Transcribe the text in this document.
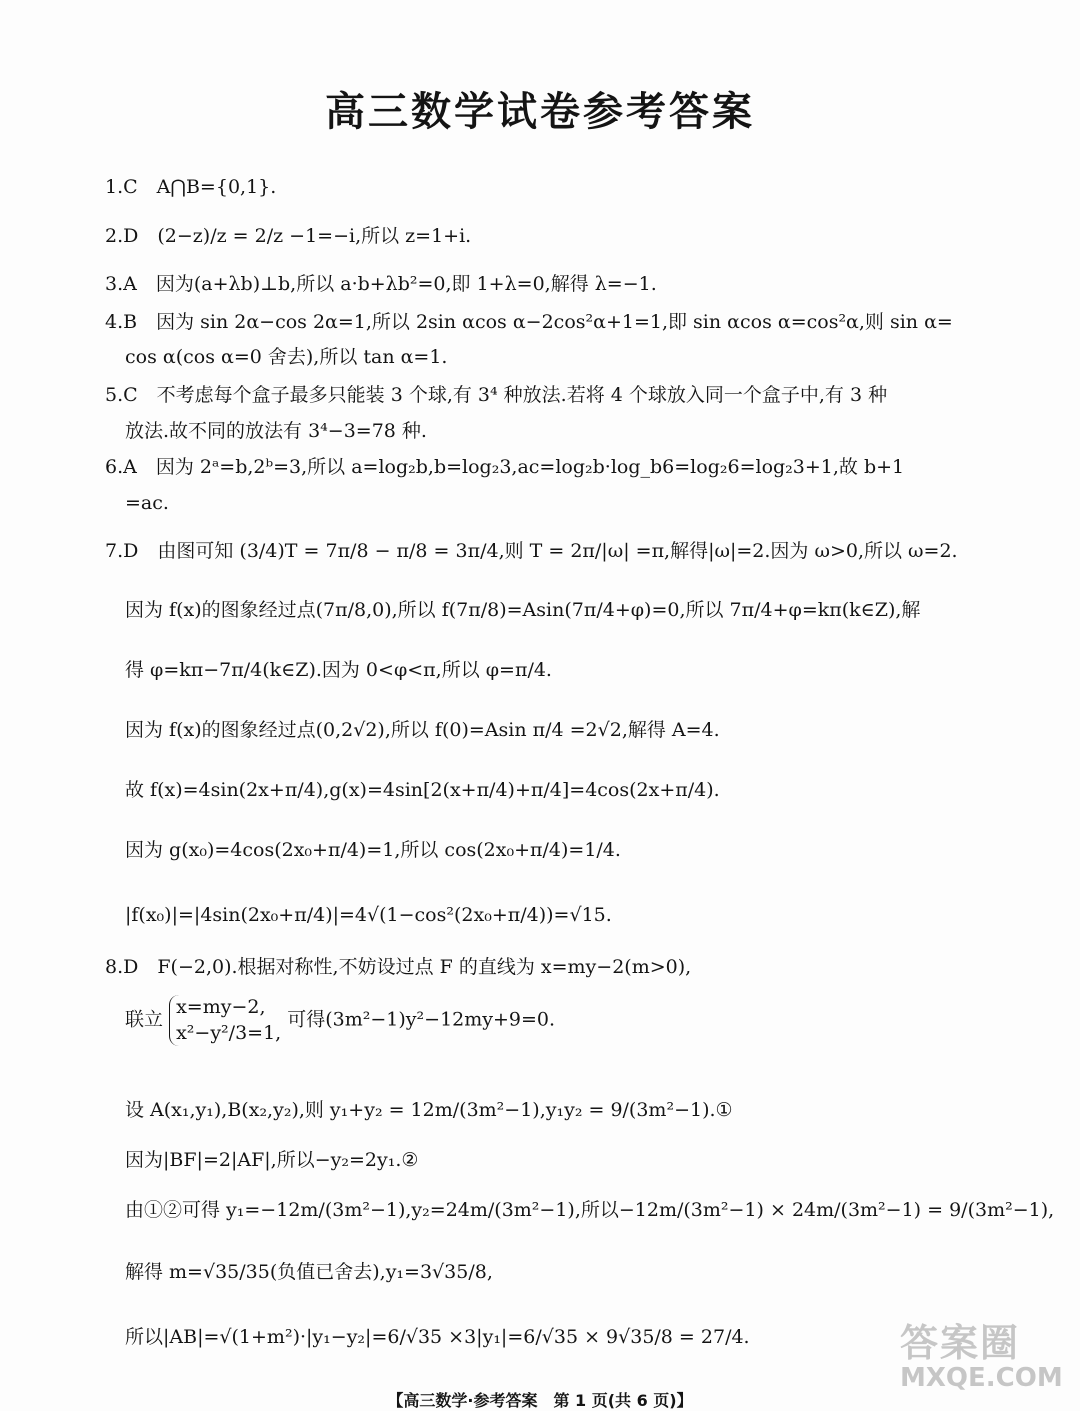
高三数学试卷参考答案
1.C　A⋂B={0,1}.
2.D　(2−z)/z = 2/z −1=−i,所以 z=1+i.
3.A　因为(a+λb)⊥b,所以 a·b+λb²=0,即 1+λ=0,解得 λ=−1.
4.B　因为 sin 2α−cos 2α=1,所以 2sin αcos α−2cos²α+1=1,即 sin αcos α=cos²α,则 sin α=
cos α(cos α=0 舍去),所以 tan α=1.
5.C　不考虑每个盒子最多只能装 3 个球,有 3⁴ 种放法.若将 4 个球放入同一个盒子中,有 3 种
放法.故不同的放法有 3⁴−3=78 种.
6.A　因为 2ᵃ=b,2ᵇ=3,所以 a=log₂b,b=log₂3,ac=log₂b·log_b6=log₂6=log₂3+1,故 b+1
=ac.
7.D　由图可知 (3/4)T = 7π/8 − π/8 = 3π/4,则 T = 2π/|ω| =π,解得|ω|=2.因为 ω>0,所以 ω=2.
因为 f(x)的图象经过点(7π/8,0),所以 f(7π/8)=Asin(7π/4+φ)=0,所以 7π/4+φ=kπ(k∈Z),解
得 φ=kπ−7π/4(k∈Z).因为 0<φ<π,所以 φ=π/4.
因为 f(x)的图象经过点(0,2√2),所以 f(0)=Asin π/4 =2√2,解得 A=4.
故 f(x)=4sin(2x+π/4),g(x)=4sin[2(x+π/4)+π/4]=4cos(2x+π/4).
因为 g(x₀)=4cos(2x₀+π/4)=1,所以 cos(2x₀+π/4)=1/4.
|f(x₀)|=|4sin(2x₀+π/4)|=4√(1−cos²(2x₀+π/4))=√15.
8.D　F(−2,0).根据对称性,不妨设过点 F 的直线为 x=my−2(m>0),
联立
x=my−2,
x²−y²/3=1,
可得(3m²−1)y²−12my+9=0.
设 A(x₁,y₁),B(x₂,y₂),则 y₁+y₂ = 12m/(3m²−1),y₁y₂ = 9/(3m²−1).①
因为|BF|=2|AF|,所以−y₂=2y₁.②
由①②可得 y₁=−12m/(3m²−1),y₂=24m/(3m²−1),所以−12m/(3m²−1) × 24m/(3m²−1) = 9/(3m²−1),
解得 m=√35/35(负值已舍去),y₁=3√35/8,
所以|AB|=√(1+m²)·|y₁−y₂|=6/√35 ×3|y₁|=6/√35 × 9√35/8 = 27/4.	答案圈
MXQE.COM
【高三数学·参考答案　第 1 页(共 6 页)】
